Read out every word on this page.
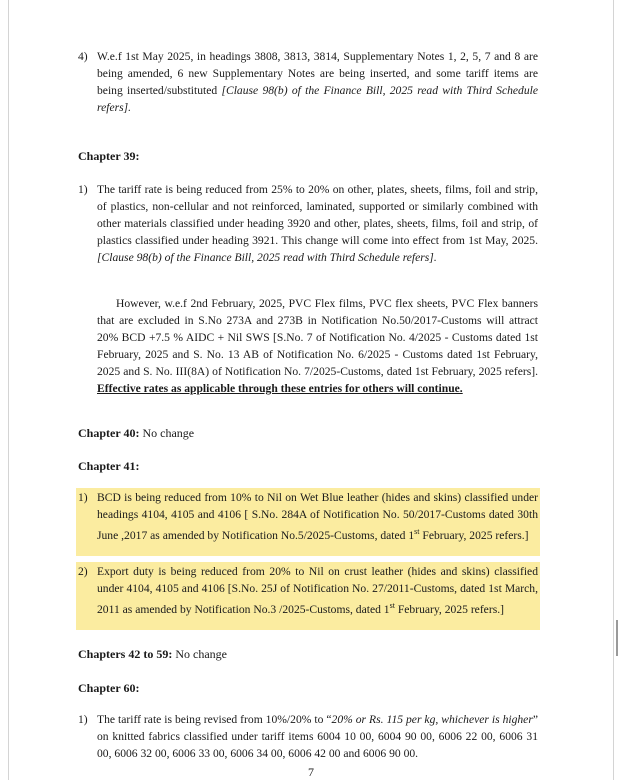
4) W.e.f 1st May 2025, in headings 3808, 3813, 3814, Supplementary Notes 1, 2, 5, 7 and 8 are being amended, 6 new Supplementary Notes are being inserted, and some tariff items are being inserted/substituted [Clause 98(b) of the Finance Bill, 2025 read with Third Schedule refers].
Chapter 39:
1) The tariff rate is being reduced from 25% to 20% on other, plates, sheets, films, foil and strip, of plastics, non-cellular and not reinforced, laminated, supported or similarly combined with other materials classified under heading 3920 and other, plates, sheets, films, foil and strip, of plastics classified under heading 3921. This change will come into effect from 1st May, 2025. [Clause 98(b) of the Finance Bill, 2025 read with Third Schedule refers].
However, w.e.f 2nd February, 2025, PVC Flex films, PVC flex sheets, PVC Flex banners that are excluded in S.No 273A and 273B in Notification No.50/2017-Customs will attract 20% BCD +7.5 % AIDC + Nil SWS [S.No. 7 of Notification No. 4/2025 - Customs dated 1st February, 2025 and S. No. 13 AB of Notification No. 6/2025 - Customs dated 1st February, 2025 and S. No. III(8A) of Notification No. 7/2025-Customs, dated 1st February, 2025 refers]. Effective rates as applicable through these entries for others will continue.
Chapter 40: No change
Chapter 41:
1) BCD is being reduced from 10% to Nil on Wet Blue leather (hides and skins) classified under headings 4104, 4105 and 4106 [ S.No. 284A of Notification No. 50/2017-Customs dated 30th June ,2017 as amended by Notification No.5/2025-Customs, dated 1st February, 2025 refers.]
2) Export duty is being reduced from 20% to Nil on crust leather (hides and skins) classified under 4104, 4105 and 4106 [S.No. 25J of Notification No. 27/2011-Customs, dated 1st March, 2011 as amended by Notification No.3 /2025-Customs, dated 1st February, 2025 refers.]
Chapters 42 to 59: No change
Chapter 60:
1) The tariff rate is being revised from 10%/20% to “20% or Rs. 115 per kg, whichever is higher” on knitted fabrics classified under tariff items 6004 10 00, 6004 90 00, 6006 22 00, 6006 31 00, 6006 32 00, 6006 33 00, 6006 34 00, 6006 42 00 and 6006 90 00.
7
